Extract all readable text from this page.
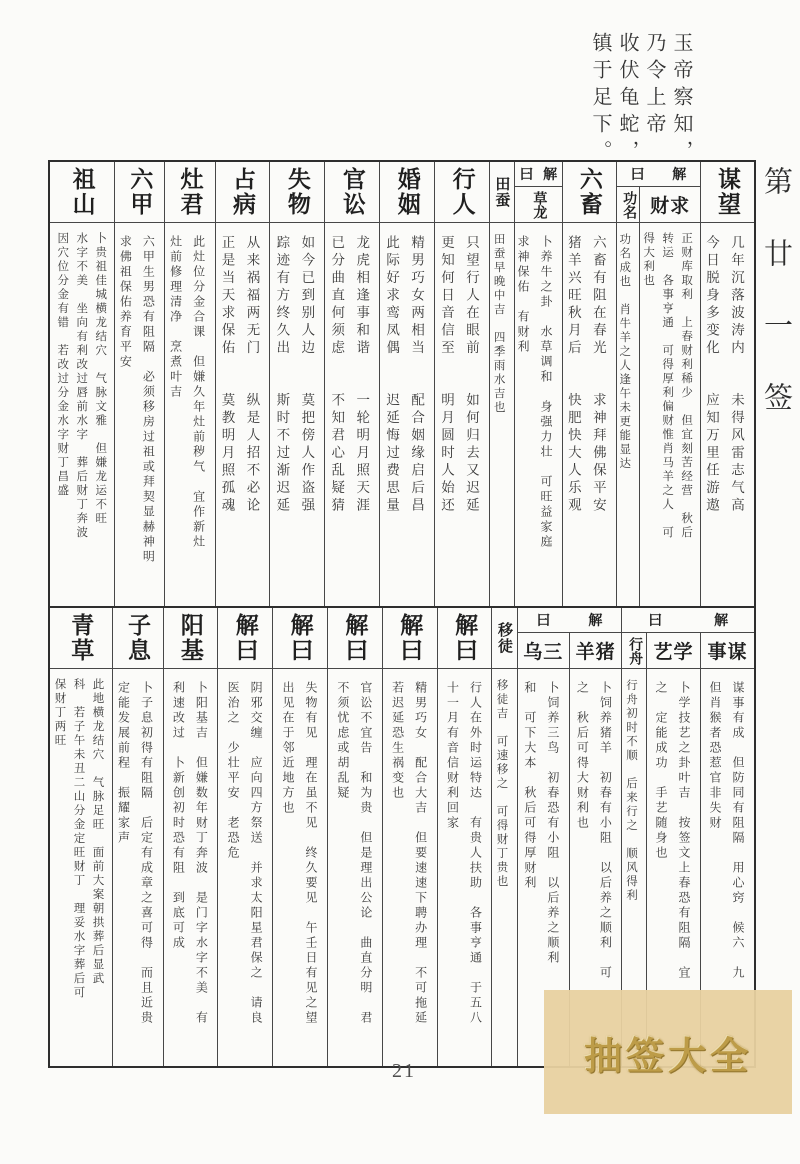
玉帝察知，
乃令上帝
收伏龟蛇，
镇于足下。
第廿一签
谋望
几年沉落波涛内　　未得风雷志气高
今日脱身多变化　　应知万里任游遨
解
曰
财求
正财库取利　上春财利稀少　但宜刻苦经营　秋后
转运　各事亨通　可得厚利偏财惟肖马羊之人　可
得大利也
功名
功名成也　肖牛羊之人逢午未更能显达
六畜
六畜有阻在春光　　求神拜佛保平安
猪羊兴旺秋月后　　快肥快大人乐观
解
曰
草龙
卜养牛之卦　水草调和　身强力壮　可旺益家庭
求神保佑　有财利
田蚕
田蚕早晚中吉　四季雨水吉也
行人
只望行人在眼前　　如何归去又迟延
更知何日音信至　　明月圆时人始还
婚姻
精男巧女两相当　　配合姻缘启后昌
此际好求鸾凤偶　　迟延悔过费思量
官讼
龙虎相逢事和谐　　一轮明月照天涯
已分曲直何须虑　　不知君心乱疑猜
失物
如今已到别人边　　莫把傍人作盗强
踪迹有方终久出　　斯时不过渐迟延
占病
从来祸福两无门　　纵是人招不必论
正是当天求保佑　　莫教明月照孤魂
灶君
此灶位分金合课　但嫌久年灶前秽气　宜作新灶
灶前修理清净　烹煮叶吉
六甲
六甲生男恐有阻隔　必须移房过祖或拜契显赫神明
求佛祖保佑养育平安
祖山
卜贵祖佳城横龙结穴　气脉文雅　但嫌龙运不旺
水字不美　坐向有利改过唇前水字　葬后财丁奔波
因穴位分金有错　若改过分金水字财丁昌盛
解
曰
事谋
谋事有成　但防同有阻隔　用心窍　候六　九
但肖猴者恐惹官非失财
艺学
卜学技艺之卦叶吉　按签文上春恐有阻隔　宜
之　定能成功　手艺随身也
行舟
行舟初时不顺　后来行之　顺风得利
解
曰
羊猪
卜饲养猪羊　初春有小阻　以后养之顺利　可
之　秋后可得大财利也
乌三
卜饲养三鸟　初春恐有小阻　以后养之顺利
和　可下大本　秋后可得厚财利
移徒
移徒吉　可速移之　可得财丁贵也
解曰
行人在外时运特达　有贵人扶助　各事亨通　于五八
十一月有音信财利回家
解曰
精男巧女　配合大吉　但要速速下聘办理　不可拖延
若迟延恐生祸变也
解曰
官讼不宜告　和为贵　但是理出公论　曲直分明　君
不须忧虑或胡乱疑
解曰
失物有见　理在虽不见　终久要见　午壬日有见之望
出见在于邻近地方也
解曰
阴邪交缠　应向四方祭送　并求太阳星君保之　请良
医治之　少壮平安　老恐危
阳基
卜阳基吉　但嫌数年财丁奔波　是门字水字不美　有
利速改过　卜新创初时恐有阻　到底可成
子息
卜子息初得有阻隔　后定有成章之喜可得　而且近贵
定能发展前程　振耀家声
青草
此地横龙结穴　气脉足旺　面前大案朝拱葬后显武
科　若子午未丑二山分金定旺财丁　理妥水字葬后可
保财丁两旺
21	抽签大全
